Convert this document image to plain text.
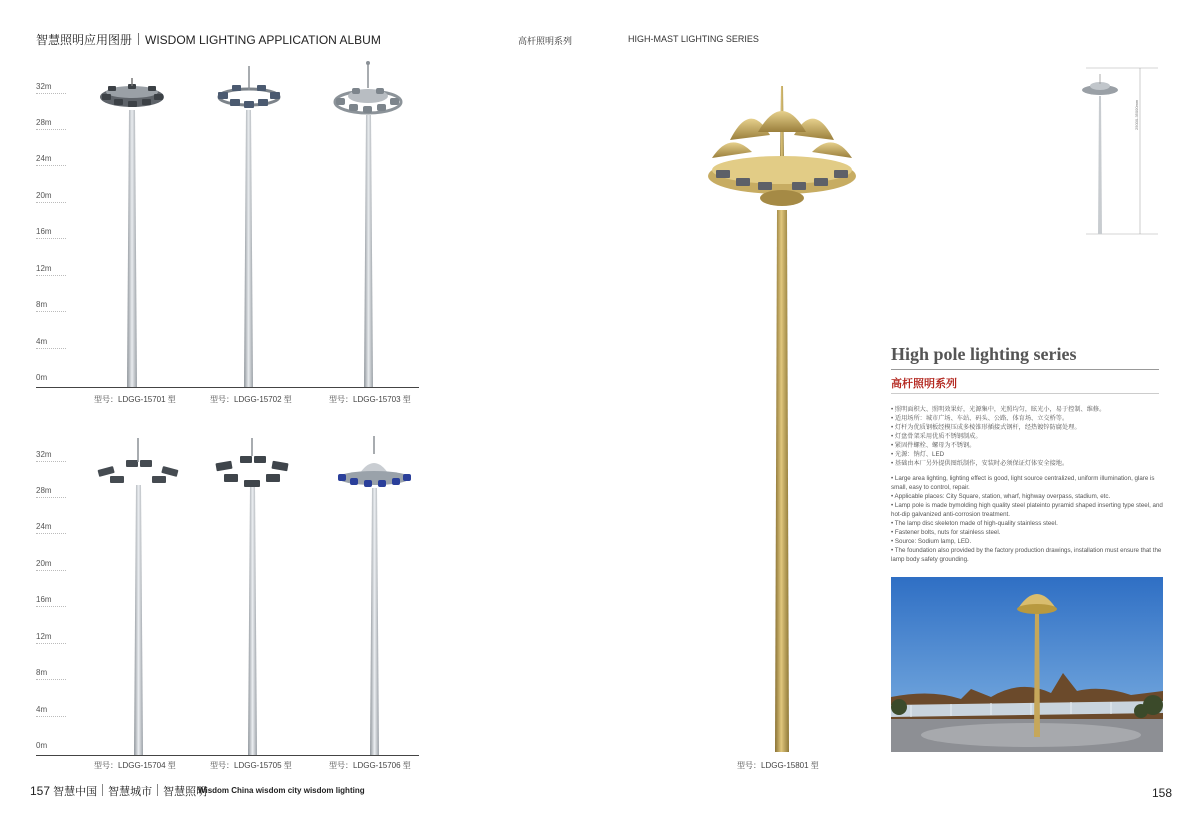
智慧照明应用图册 WISDOM LIGHTING APPLICATION ALBUM	高杆照明系列	HIGH-MAST LIGHTING SERIES
32m
28m
24m
20m
16m
12m
8m
4m
0m
型号：LDGG-15701 型	型号：LDGG-15702 型	型号：LDGG-15703 型
32m
28m
24m
20m
16m
12m
8m
4m
0m
型号：LDGG-15704 型	型号：LDGG-15705 型	型号：LDGG-15706 型	型号：LDGG-15801 型
25000-35000mm
High pole lighting series
高杆照明系列
• 照明面积大、照明效果好，光源集中，光照均匀，眩光小，易于控制、维修。
• 适用场所：城市广场、车站、码头、公路、体育场、立交桥等。
• 灯杆为优质钢板经模压成多棱锥形插接式钢杆，经热镀锌防腐处理。
• 灯盘骨架采用优质不锈钢制成。
• 紧固件螺栓、螺母为不锈钢。
• 光源：钠灯、LED
• 基础由本厂另外提供图纸制作，安装时必须保证灯体安全接地。
• Large area lighting, lighting effect is good, light source centralized, uniform illumination, glare is small, easy to control, repair.
• Applicable places: City Square, station, wharf, highway overpass, stadium, etc.
• Lamp pole is made bymolding high quality steel plateinto pyramid shaped inserting type steel, and hot-dip galvanized anti-corrosion treatment.
• The lamp disc skeleton made of high-quality stainless steel.
• Fastener bolts, nuts for stainless steel.
• Source: Sodium lamp, LED.
• The foundation also provided by the factory production drawings, installation must ensure that the lamp body safety grounding.
157 智慧中国 智慧城市 智慧照明
Wisdom China wisdom city wisdom lighting	158
